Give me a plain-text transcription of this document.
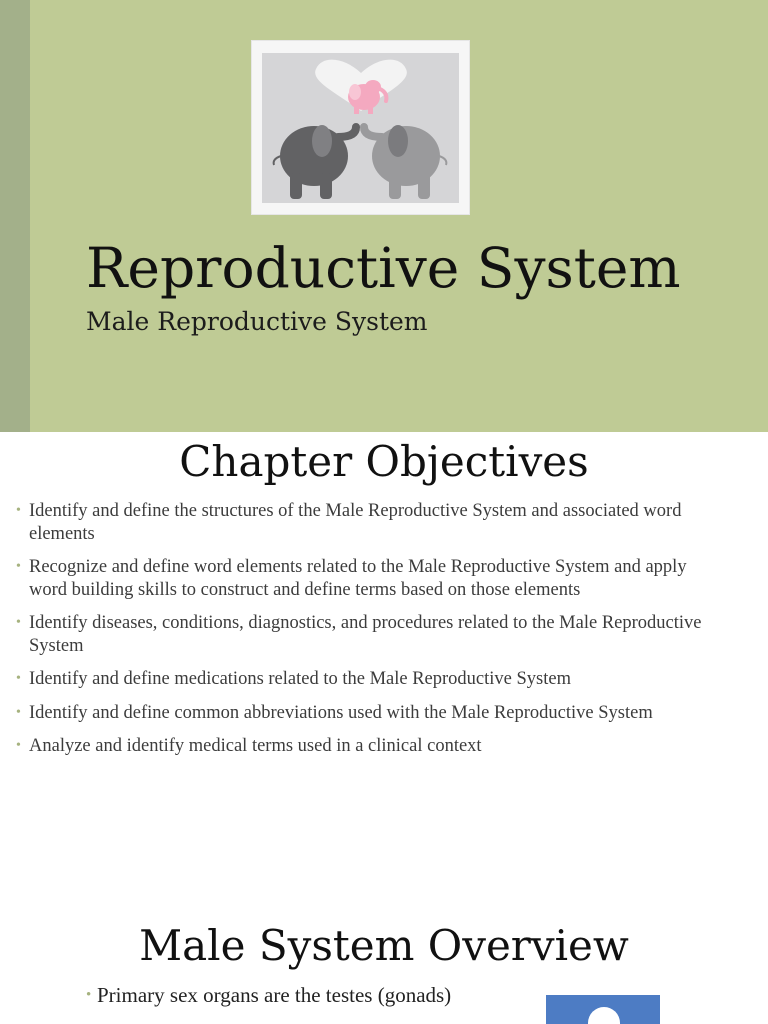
Reproductive System

Male Reproductive System

Chapter Objectives
• Identify and define the structures of the Male Reproductive System and associated word elements
• Recognize and define word elements related to the Male Reproductive System and apply word building skills to construct and define terms based on those elements
• Identify diseases, conditions, diagnostics, and procedures related to the Male Reproductive System
• Identify and define medications related to the Male Reproductive System
• Identify and define common abbreviations used with the Male Reproductive System
• Analyze and identify medical terms used in a clinical context
Male System Overview
• Primary sex organs are the testes (gonads)
